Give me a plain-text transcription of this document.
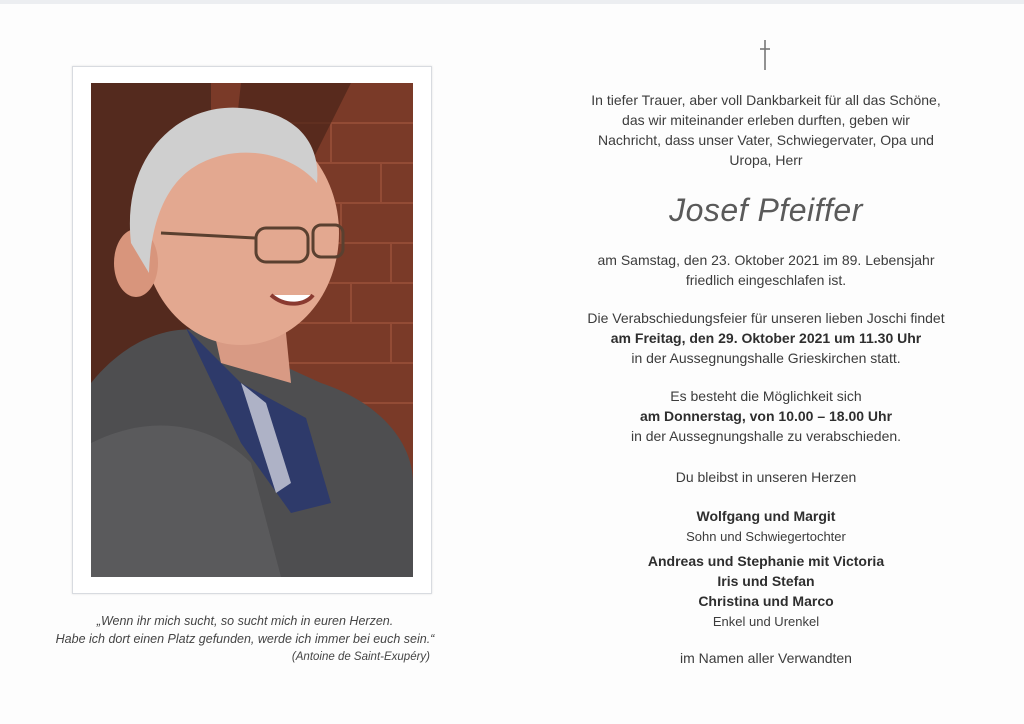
„Wenn ihr mich sucht, so sucht mich in euren Herzen.
Habe ich dort einen Platz gefunden, werde ich immer bei euch sein.“

(Antoine de Saint-Exupéry)
In tiefer Trauer, aber voll Dankbarkeit für all das Schöne,
das wir miteinander erleben durften, geben wir
Nachricht, dass unser Vater, Schwiegervater, Opa und
Uropa, Herr
Josef Pfeiffer
am Samstag, den 23. Oktober 2021 im 89. Lebensjahr
friedlich eingeschlafen ist.
Die Verabschiedungsfeier für unseren lieben Joschi findet
am Freitag, den 29. Oktober 2021 um 11.30 Uhr
in der Aussegnungshalle Grieskirchen statt.
Es besteht die Möglichkeit sich
am Donnerstag, von 10.00 – 18.00 Uhr
in der Aussegnungshalle zu verabschieden.
Du bleibst in unseren Herzen
Wolfgang und Margit
Sohn und Schwiegertochter
Andreas und Stephanie mit Victoria
Iris und Stefan
Christina und Marco
Enkel und Urenkel
im Namen aller Verwandten
